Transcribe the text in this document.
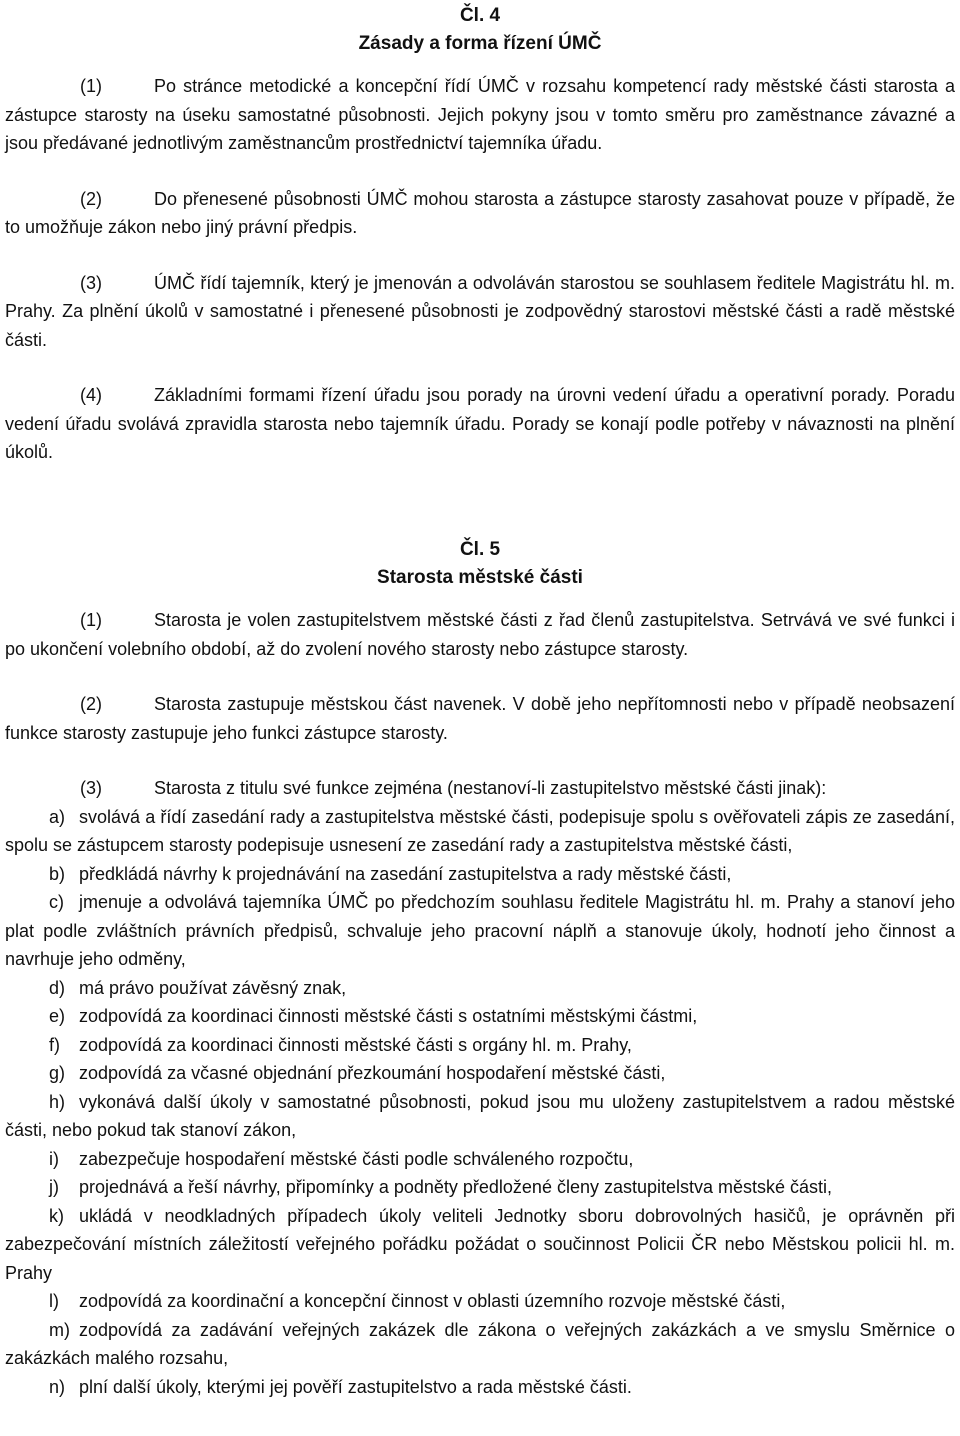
Čl. 4

Zásady a forma řízení ÚMČ

(1)	Po stránce metodické a koncepční řídí ÚMČ v rozsahu kompetencí rady městské části starosta a zástupce starosty na úseku samostatné působnosti. Jejich pokyny jsou v tomto směru pro zaměstnance závazné a jsou předávané jednotlivým zaměstnancům prostřednictví tajemníka úřadu.

(2)	Do přenesené působnosti ÚMČ mohou starosta a zástupce starosty zasahovat pouze v případě, že to umožňuje zákon nebo jiný právní předpis.

(3)	ÚMČ řídí tajemník, který je jmenován a odvoláván starostou se souhlasem ředitele Magistrátu hl. m. Prahy. Za plnění úkolů v samostatné i přenesené působnosti je zodpovědný starostovi městské části a radě městské části.

(4)	Základními formami řízení úřadu jsou porady na úrovni vedení úřadu a operativní porady. Poradu vedení úřadu svolává zpravidla starosta nebo tajemník úřadu. Porady se konají podle potřeby v návaznosti na plnění úkolů.

Čl. 5

Starosta městské části

(1)	Starosta je volen zastupitelstvem městské části z řad členů zastupitelstva. Setrvává ve své funkci i po ukončení volebního období, až do zvolení nového starosty nebo zástupce starosty.

(2)	Starosta zastupuje městskou část navenek. V době jeho nepřítomnosti nebo v případě neobsazení funkce starosty zastupuje jeho funkci zástupce starosty.

(3)	Starosta z titulu své funkce zejména (nestanoví-li zastupitelstvo městské části jinak):

a) svolává a řídí zasedání rady a zastupitelstva městské části, podepisuje spolu s ověřovateli zápis ze zasedání, spolu se zástupcem starosty podepisuje usnesení ze zasedání rady a zastupitelstva městské části,

b) předkládá návrhy k projednávání na zasedání zastupitelstva a rady městské části,

c) jmenuje a odvolává tajemníka ÚMČ po předchozím souhlasu ředitele Magistrátu hl. m. Prahy a stanoví jeho plat podle zvláštních právních předpisů, schvaluje jeho pracovní náplň a stanovuje úkoly, hodnotí jeho činnost a navrhuje jeho odměny,

d) má právo používat závěsný znak,

e) zodpovídá za koordinaci činnosti městské části s ostatními městskými částmi,

f) zodpovídá za koordinaci činnosti městské části s orgány hl. m. Prahy,

g) zodpovídá za včasné objednání přezkoumání hospodaření městské části,

h) vykonává další úkoly v samostatné působnosti, pokud jsou mu uloženy zastupitelstvem a radou městské části, nebo pokud tak stanoví zákon,

i) zabezpečuje hospodaření městské části podle schváleného rozpočtu,

j) projednává a řeší návrhy, připomínky a podněty předložené členy zastupitelstva městské části,

k) ukládá v neodkladných případech úkoly veliteli Jednotky sboru dobrovolných hasičů, je oprávněn při zabezpečování místních záležitostí veřejného pořádku požádat o součinnost Policii ČR nebo Městskou policii hl. m. Prahy

l) zodpovídá za koordinační a koncepční činnost v oblasti územního rozvoje městské části,

m) zodpovídá za zadávání veřejných zakázek dle zákona o veřejných zakázkách a ve smyslu Směrnice o zakázkách malého rozsahu,

n) plní další úkoly, kterými jej pověří zastupitelstvo a rada městské části.
